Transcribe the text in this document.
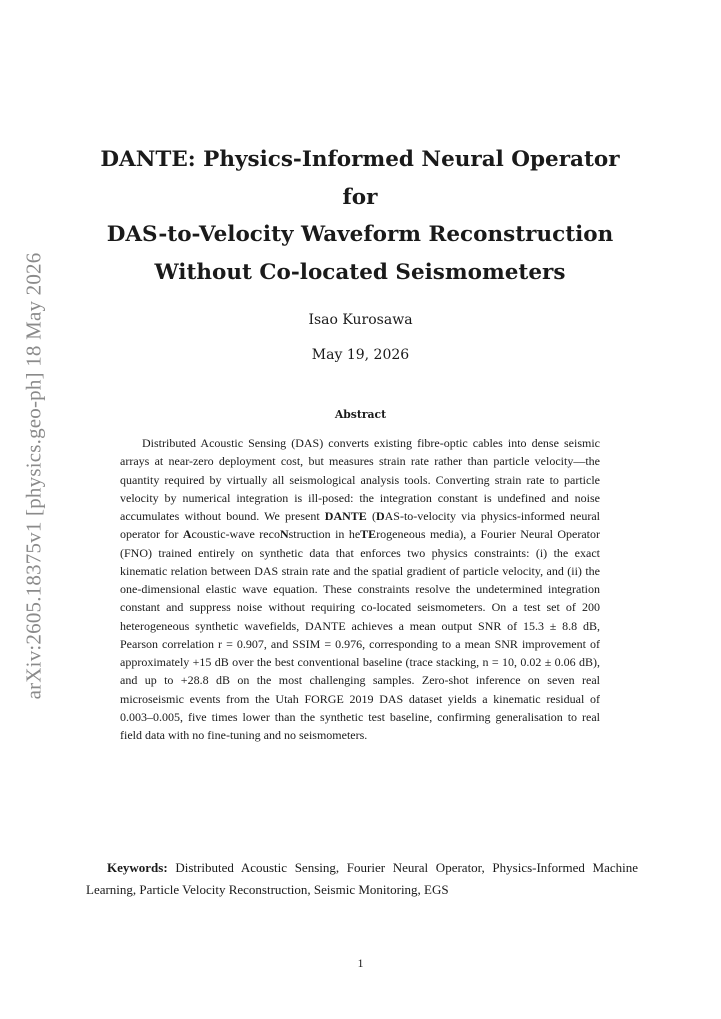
arXiv:2605.18375v1 [physics.geo-ph] 18 May 2026
DANTE: Physics-Informed Neural Operator
for
DAS-to-Velocity Waveform Reconstruction
Without Co-located Seismometers
Isao Kurosawa
May 19, 2026
Abstract

Distributed Acoustic Sensing (DAS) converts existing fibre-optic cables into dense seismic arrays at near-zero deployment cost, but measures strain rate rather than particle velocity—the quantity required by virtually all seismological analysis tools. Converting strain rate to particle velocity by numerical integration is ill-posed: the integration constant is undefined and noise accumulates without bound. We present DANTE (DAS-to-velocity via physics-informed neural operator for Acoustic-wave recoNstruction in heTErogeneous media), a Fourier Neural Operator (FNO) trained entirely on synthetic data that enforces two physics constraints: (i) the exact kinematic relation between DAS strain rate and the spatial gradient of particle velocity, and (ii) the one-dimensional elastic wave equation. These constraints resolve the undetermined integration constant and suppress noise without requiring co-located seismometers. On a test set of 200 heterogeneous synthetic wavefields, DANTE achieves a mean output SNR of 15.3 ± 8.8 dB, Pearson correlation r = 0.907, and SSIM = 0.976, corresponding to a mean SNR improvement of approximately +15 dB over the best conventional baseline (trace stacking, n = 10, 0.02 ± 0.06 dB), and up to +28.8 dB on the most challenging samples. Zero-shot inference on seven real microseismic events from the Utah FORGE 2019 DAS dataset yields a kinematic residual of 0.003–0.005, five times lower than the synthetic test baseline, confirming generalisation to real field data with no fine-tuning and no seismometers.

Keywords: Distributed Acoustic Sensing, Fourier Neural Operator, Physics-Informed Machine Learning, Particle Velocity Reconstruction, Seismic Monitoring, EGS

1
